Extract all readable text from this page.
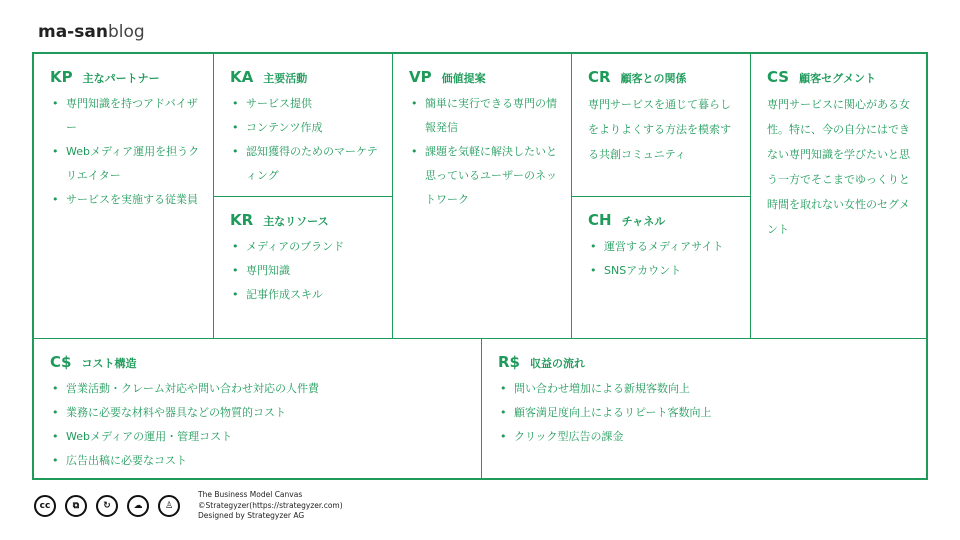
ma-sanblog
KP 主なパートナー
• 専門知識を持つアドバイザー
• Webメディア運用を担うクリエイター
• サービスを実施する従業員
KA 主要活動
• サービス提供
• コンテンツ作成
• 認知獲得のためのマーケティング
KR 主なリソース
• メディアのブランド
• 専門知識
• 記事作成スキル
VP 価値提案
• 簡単に実行できる専門の情報発信
• 課題を気軽に解決したいと思っているユーザーのネットワーク
CR 顧客との関係

専門サービスを通じて暮らしをよりよくする方法を模索する共創コミュニティ

CH チャネル
• 運営するメディアサイト
• SNSアカウント
CS 顧客セグメント

専門サービスに関心がある女性。特に、今の自分にはできない専門知識を学びたいと思う一方でそこまでゆっくりと時間を取れない女性のセグメント

C$ コスト構造
• 営業活動・クレーム対応や問い合わせ対応の人件費
• 業務に必要な材料や器具などの物質的コスト
• Webメディアの運用・管理コスト
• 広告出稿に必要なコスト
R$ 収益の流れ
• 問い合わせ増加による新規客数向上
• 顧客満足度向上によるリピート客数向上
• クリック型広告の課金
cc	⧉	↻	☁	♙
The Business Model Canvas
©Strategyzer(https://strategyzer.com)
Designed by Strategyzer AG
